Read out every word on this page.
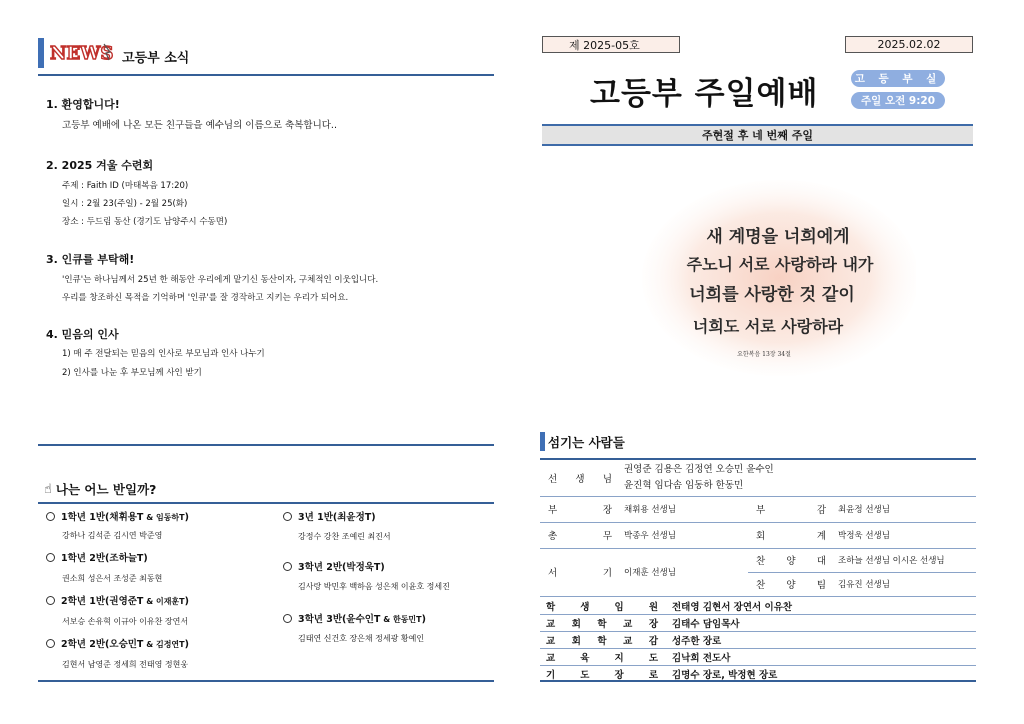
NEWS 고등부 소식
1. 환영합니다!
고등부 예배에 나온 모든 친구들을 예수님의 이름으로 축복합니다..
2. 2025 겨울 수련회
주제 : Faith ID (마태복음 17:20)
일시 : 2월 23(주일) - 2월 25(화)
장소 : 두드림 동산 (경기도 남양주시 수동면)
3. 인큐를 부탁해!
'인큐'는 하나님께서 25년 한 해동안 우리에게 맡기신 동산이자, 구체적인 이웃입니다.
우리를 창조하신 목적을 기억하며 '인큐'를 잘 경작하고 지키는 우리가 되어요.
4. 믿음의 인사
1) 매 주 전달되는 믿음의 인사로 부모님과 인사 나누기
2) 인사를 나눈 후 부모님께 사인 받기
☝ 나는 어느 반일까?
1학년 1반(채휘용T & 임동하T)
강하나 김석준 김시연 박준영
1학년 2반(조하늘T)
권소희 성은서 조성준 최동현
2학년 1반(권영준T & 이재훈T)
서보승 손유혁 이규아 이유찬 장연서
2학년 2반(오승민T & 김정연T)
김현서 남영준 정세희 전태영 정현웅
3년 1반(최윤정T)
강정수 강찬 조예린 최진서
3학년 2반(박정욱T)
김사랑 박민후 백하음 성은채 이윤호 정세진
3학년 3반(윤수인T & 한동민T)
김태연 신건호 장은채 정세광 황예인
제 2025-05호	2025.02.02
고등부 주일예배	고 등 부 실
주일 오전 9:20
주현절 후 네 번째 주일
새 계명을 너희에게
주노니 서로 사랑하라 내가
너희를 사랑한 것 같이
너희도 서로 사랑하라
요한복음 13장 34절
섬기는 사람들
선 생 님	권영준 김용은 김정연 오승민 윤수인
윤진혁 임다솜 임동하 한동민		

부 장	채휘용 선생님	부 감	최윤정 선생님
총 무	박종우 선생님	회 계	박정욱 선생님
서 기	이재훈 선생님	찬 양 대	조하늘 선생님 이시온 선생님
		찬 양 팀	김유진 선생님
학 생 임 원	전태영 김현서 장연서 이유찬
교 회 학 교 장	김태수 담임목사
교 회 학 교 감	성주한 장로
교 육 지 도	김낙희 전도사
기 도 장 로	김명수 장로, 박정현 장로
